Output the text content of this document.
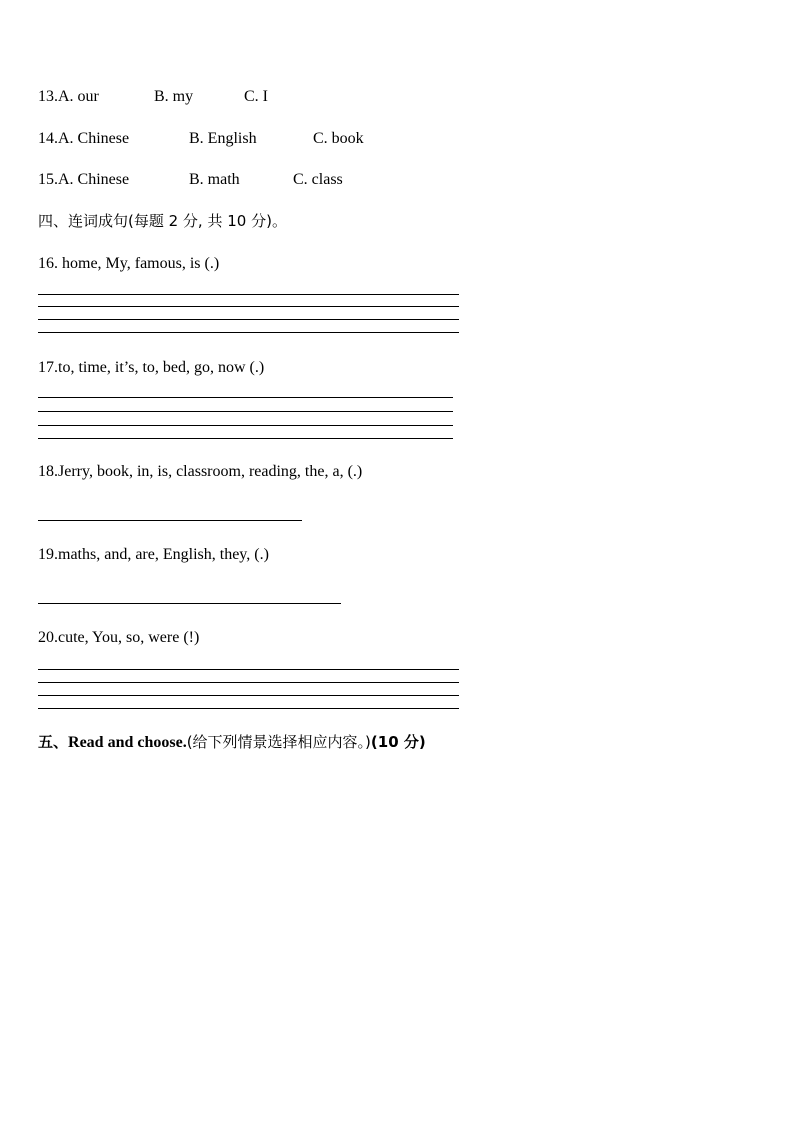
13.A. our	B. my	C. I
14.A. Chinese	B. English	C. book
15.A. Chinese	B. math	C. class
四、连词成句(每题 2 分, 共 10 分)。
16. home, My, famous, is (.)
17.to, time, it’s, to, bed, go, now (.)
18.Jerry, book, in, is, classroom, reading, the, a, (.)
19.maths, and, are, English, they, (.)
20.cute, You, so, were (!)
五、Read and choose.(给下列情景选择相应内容。)(10 分)
